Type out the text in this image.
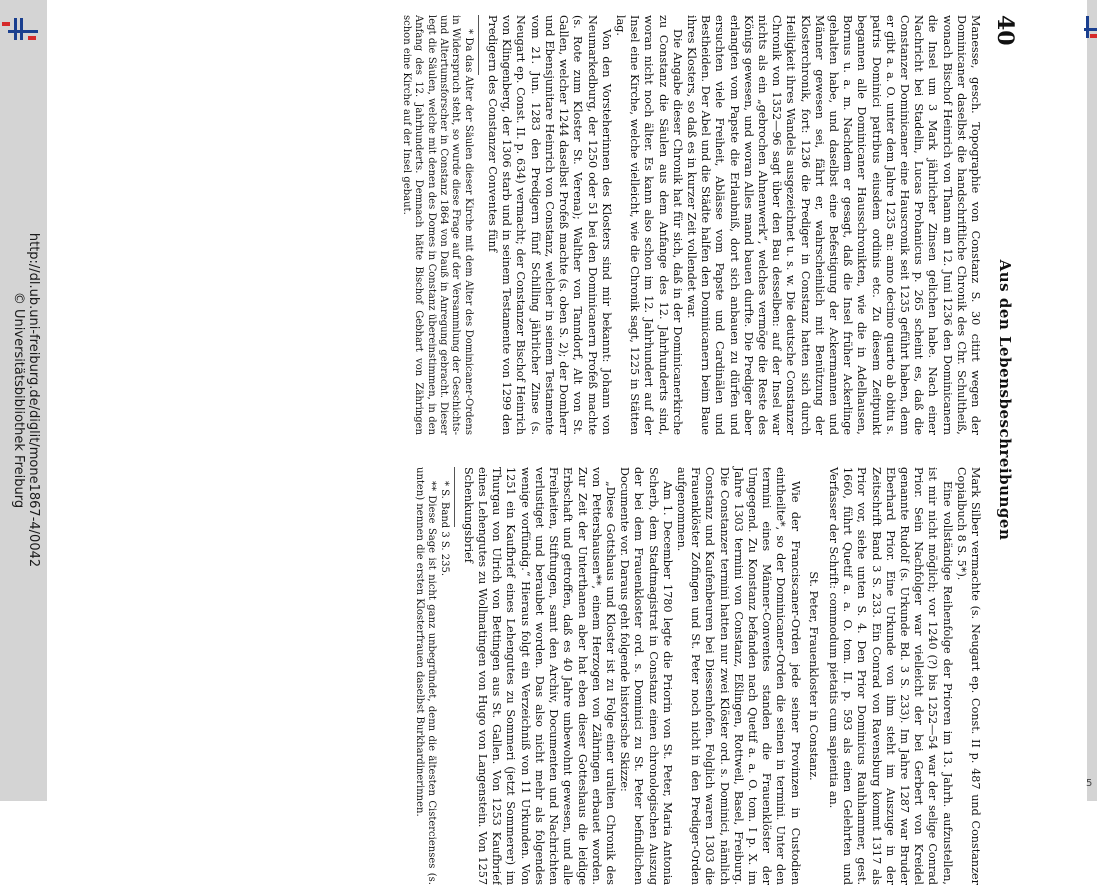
5
http://dl.ub.uni-freiburg.de/diglit/mone1867-4/0042
© Universitätsbibliothek Freiburg
40
Aus den Lebensbeschreibungen

Manesse, gesch. Topographie von Constanz S. 30 citirt wegen der Dominicaner daselbst die handschriftliche Chronik des Chr. Schultheiß, wonach Bischof Heinrich von Thann am 12. Juni 1236 den Dominicanern die Insel um 3 Mark jährlicher Zinsen gelichen habe. Nach einer Nachricht bei Stadelin, Lucas Prohanicus p. 265 scheint es, daß die Constanzer Dominicaner eine Hauscronik seit 1235 geführt haben, denn er gibt a. a. O. unter dem Jahre 1235 an: anno decimo quarto ab obitu s. patris Dominici patribus eiusdem ordinis etc. Zu diesem Zeitpunkt begannen alle Dominicaner Hausschronikten, wie die in Adelhausen, Bornus u. a. m. Nachdem er gesagt, daß die Insel früher Ackerlinge gehalten habe, und daselbst eine Befestigung der Ackermannen und Männer gewesen sei, fährt er, wahrscheinlich mit Benützung der Klosterchronik, fort: 1236 die Prediger in Constanz hatten sich durch Heiligkeit ihres Wandels ausgezeichnet u. s. w. Die deutsche Constanzer Chronik von 1352—96 sagt über den Bau desselben: auf der Insel war nichts als ein „gebrochen Ahnenwerk“, welches vermöge die Reste des Königs gewesen, und woran Alles mand bauen durfte. Die Prediger aber erlangten vom Papste die Erlaubniß, dort sich anbauen zu dürfen und ersuchten viele Freiheit, Ablässe vom Papste und Cardinälen und Bestheiden. Der Abel und die Städte halfen den Dominicanern beim Baue ihres Klosters, so daß es in kurzer Zeit vollendet war.

Die Angabe dieser Chronik hat für sich, daß in der Dominicanerkirche zu Constanz die Säulen aus dem Anfange des 12. Jahrhunderts sind, woran nicht noch älter. Es kann also schon im 12. Jahrhundert auf der Insel eine Kirche, welche vielleicht, wie die Chronik sagt, 1225 in Stätten lag.

Von den Vorsteherinnen des Klosters sind mir bekannt: Johann von Neumarkedburg, der 1250 oder 51 bei den Dominicanern Profeß machte (s. Rote zum Kloster St. Verena); Walther von Tanndorf, Alt von St. Gallen, welcher 1244 daselbst Profeß machte (s. oben S. 2); der Domherr und Ebensjunitare Heinrich von Constanz, welcher in seinem Testamente vom 21. Jun. 1283 den Predigern fünf Schilling jährlicher Zinse (s. Neugart ep. Const. II. p. 634) vermacht; der Constanzer Bischof Heinrich von Klingenberg, der 1306 starb und in seinem Testamente von 1299 den Predigern des Constanzer Conventes fünf

* Da das Alter der Säulen dieser Kirche mit dem Alter des Dominicaner-Ordens in Widerspruch steht, so wurde diese Frage auf der Versammlung der Geschichts- und Altertumsforscher in Constanz 1864 von Dauß in Anregung gebracht. Dieser legt die Säulen, welche mit denen des Domes in Constanz übereinstimmen, in den Anfang des 12. Jahrhunderts. Demnach hätte Bischof Gebhart von Zähringen schon eine Kirche auf der Insel gebaut.

Mark Silber vermachte (s. Neugart ep. Const. II p. 487 und Constanzer Copialbuch 8 S. 5*).

Eine vollständige Reihenfolge der Prioren im 13. Jahrh. aufzustellen, ist mir nicht möglich; vor 1240 (?) bis 1252—54 war der selige Conrad Prior. Sein Nachfolger war vielleicht der bei Gerbert von Kreidel genannte Rudolf (s. Urkunde Bd. 3 S. 233). Im Jahre 1287 war Bruder Eberhard Prior. Eine Urkunde von ihm steht im Auszuge in der Zeitschrift Band 3 S. 233. Ein Conrad von Ravensburg kommt 1317 als Prior vor, siehe unten S. 4. Den Prior Dominicus Rauhhammer, gest. 1660, führt Quetif a. a. O. tom. II. p. 593 als einen Gelehrten und Verfasser der Schrift: commodum pietatis cum sapientia an.

St. Peter, Frauenkloster in Constanz.

Wie der Franciscaner-Orden jede seiner Provinzen in Custodien eintheilte*, so der Dominicaner-Orden die seinen in termini. Unter den termini eines Männer-Conventes standen die Frauenklöster der Umgegend. Zu Konstanz befanden nach Quetif a. a. O. tom. I p. X. im Jahre 1303 termini von Constanz, Eßlingen, Rottweil, Basel, Freiburg. Die Constanzer termini hatten nur zwei Klöster ord. s. Dominici, nämlich Constanz und Kaufenbeuren bei Diessenhofen. Folglich waren 1303 die Frauenklöster Zofingen und St. Peter noch nicht in den Prediger-Orden aufgenommen.

Am 1. December 1780 legte die Priorin von St. Peter, Maria Antonia Scherb, dem Stadtmagistrat in Constanz einen chronologischen Auszug der bei dem Frauenkloster ord. s. Dominici zu St. Peter befindlichen Documente vor. Daraus geht folgende historische Skizze:

„Diese Gottshaus und Kloster ist zu Folge einer uralten Chronik des von Pettershausen**, einem Herzogen von Zähringen erbauet worden. Zur Zeit der Unterthanen aber hat eben dieser Gotteshaus die leidige Erbschaft und getroffen, daß es 40 Jahre unbewohnt gewesen, und alle Freiheiten, Stiftungen, samt den Archiv, Documenten und Nachrichten verlustiget und beraubet worden. Das also nicht mehr als folgendes wenige vorfündig.“ Hieraus folgt ein Verzeichniß von 11 Urkunden. Von 1251 ein Kaufbrief eines Lehengutes zu Sommeri (jetzt Sommerer) im Thurgau von Ulrich von Bettingen aus St. Gallen. Von 1253 Kaufbrief eines Lehengutes zu Wollmatingen von Hugo von Langenstein. Von 1257 Schenkungsbrief

* S. Band 3 S. 235.

** Diese Sage ist nicht ganz unbegründet, denn die ältesten Cistercienses (s. unten) nennen die ersten Klosterfrauen daselbst Burkhardinerinnen.
